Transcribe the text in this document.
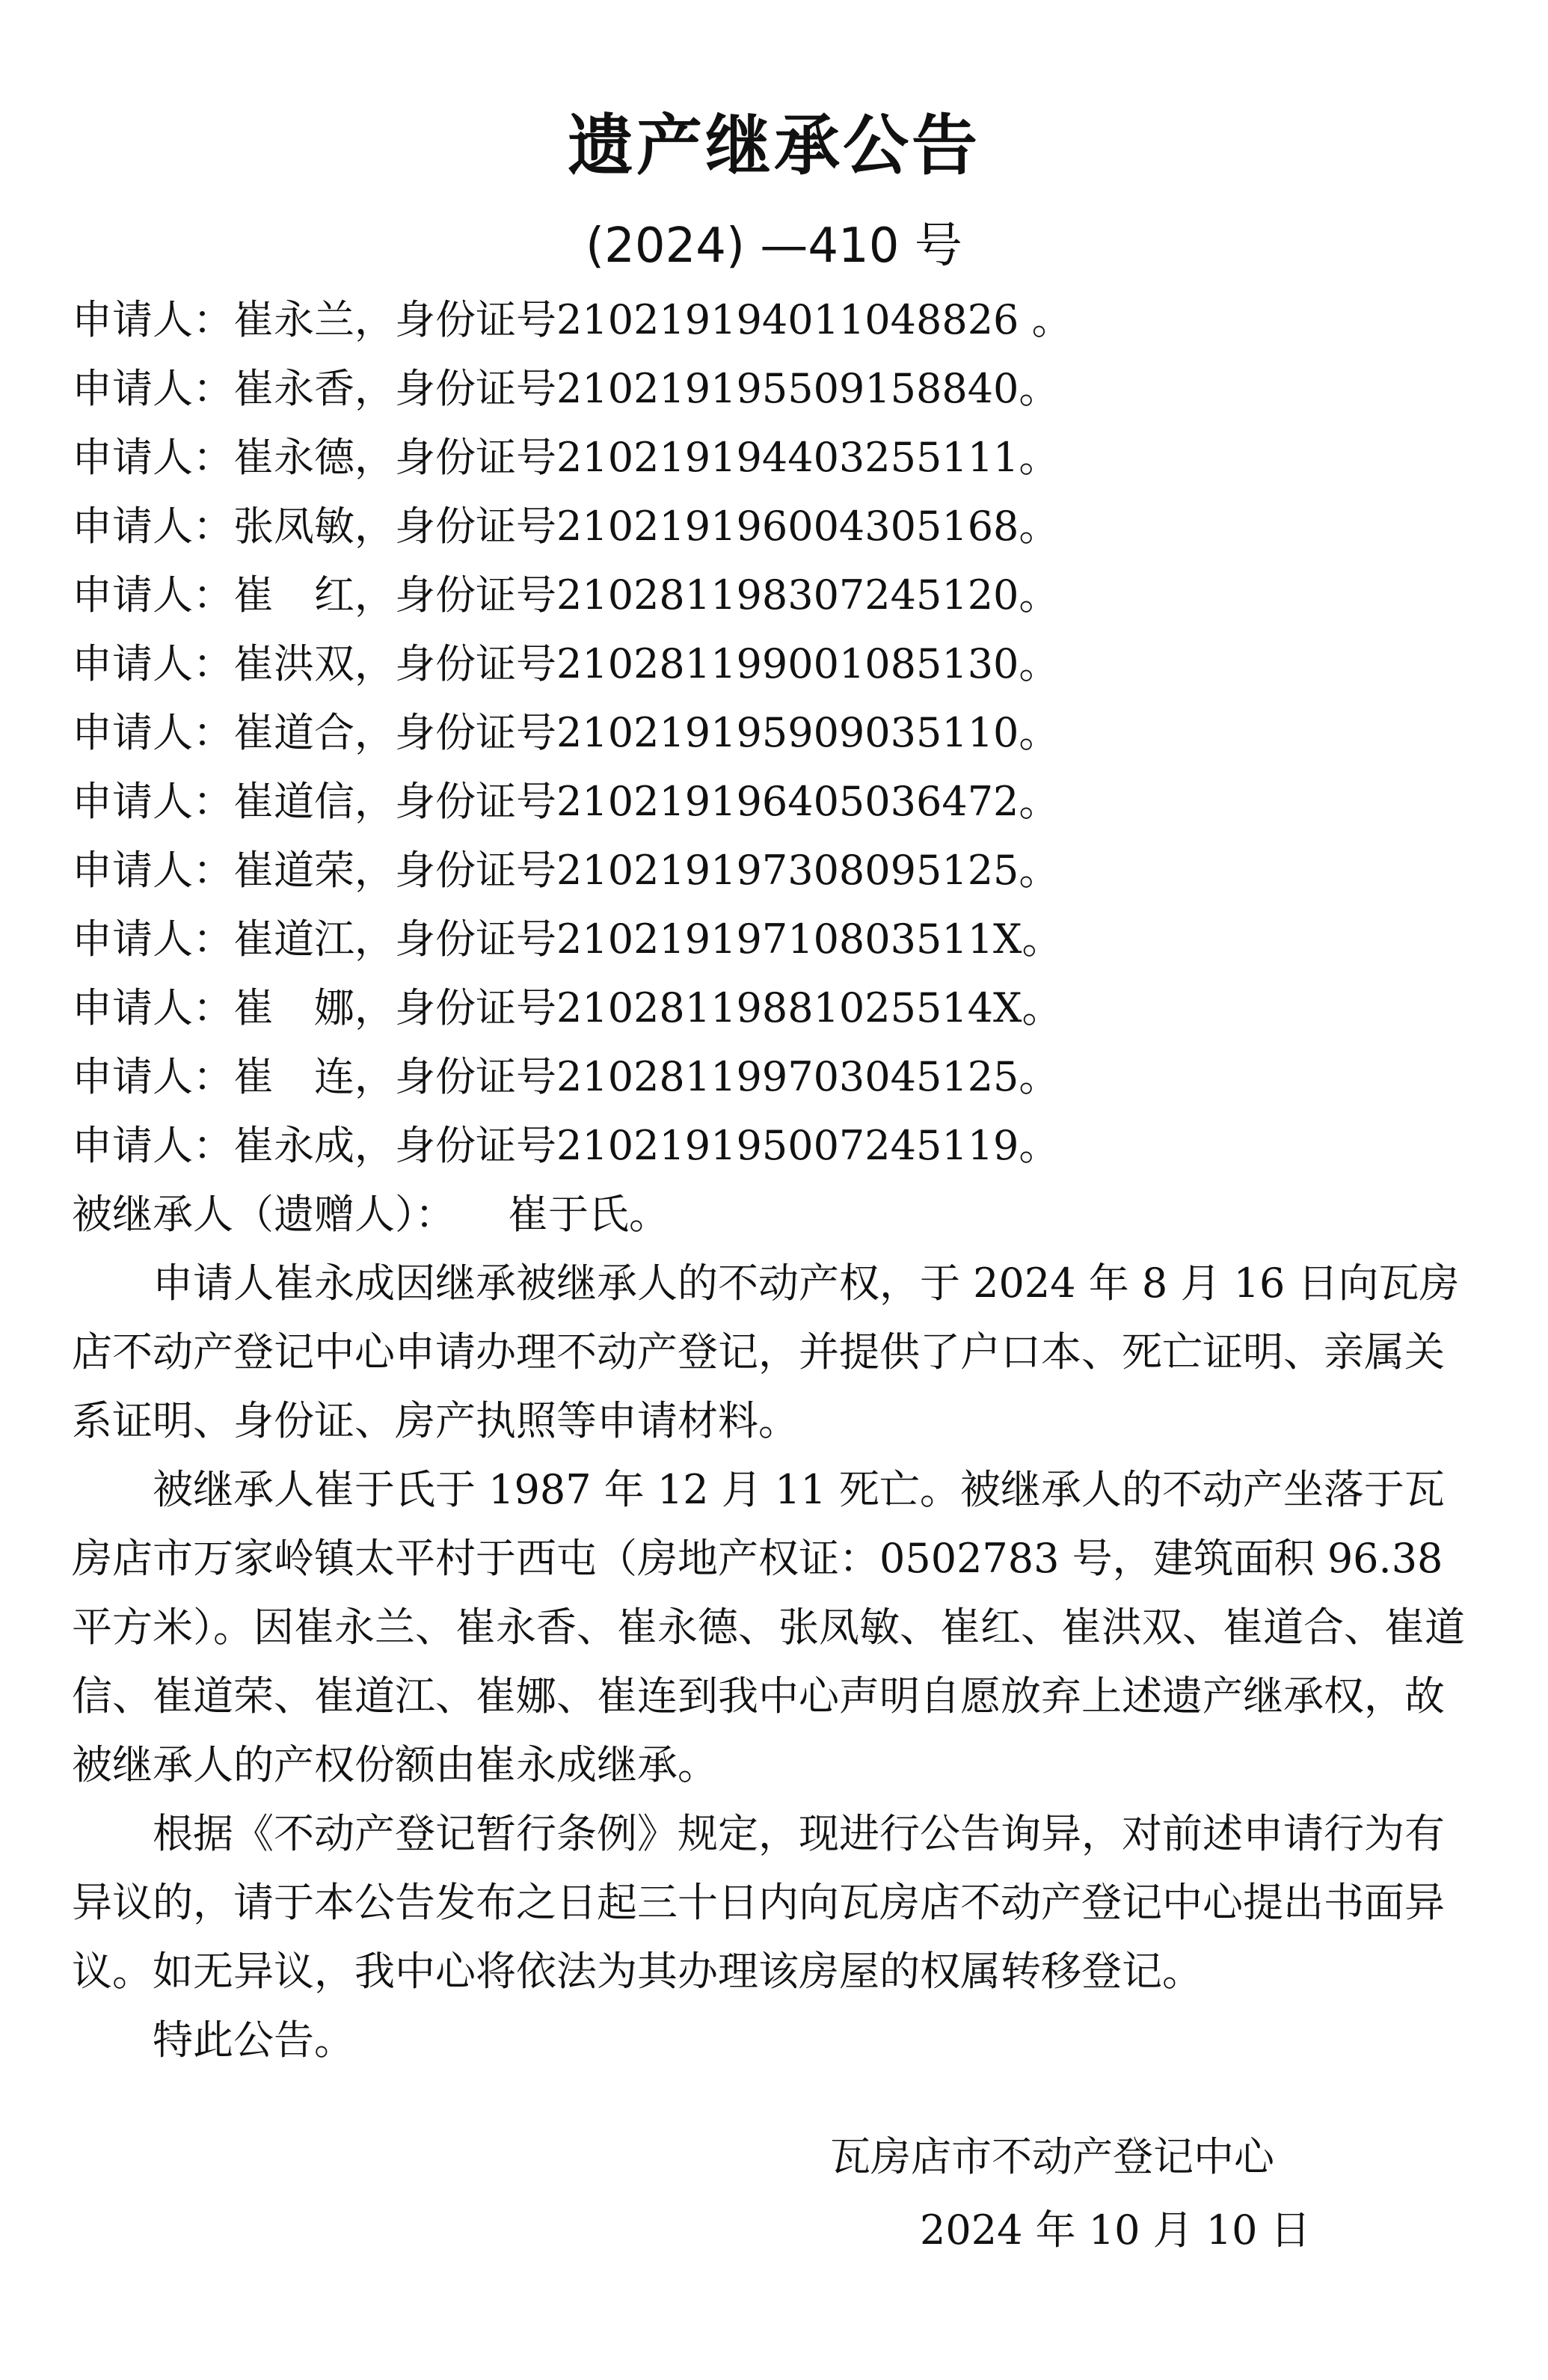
遗产继承公告
(2024) —410 号
申请人：崔永兰，身份证号210219194011048826 。
申请人：崔永香，身份证号210219195509158840。
申请人：崔永德，身份证号210219194403255111。
申请人：张凤敏，身份证号210219196004305168。
申请人：崔　红，身份证号210281198307245120。
申请人：崔洪双，身份证号210281199001085130。
申请人：崔道合，身份证号210219195909035110。
申请人：崔道信，身份证号210219196405036472。
申请人：崔道荣，身份证号210219197308095125。
申请人：崔道江，身份证号21021919710803511X。
申请人：崔　娜，身份证号21028119881025514X。
申请人：崔　连，身份证号210281199703045125。
申请人：崔永成，身份证号210219195007245119。
被继承人（遗赠人）： 崔于氏。

申请人崔永成因继承被继承人的不动产权，于 2024 年 8 月 16 日向瓦房店不动产登记中心申请办理不动产登记，并提供了户口本、死亡证明、亲属关系证明、身份证、房产执照等申请材料。

被继承人崔于氏于 1987 年 12 月 11 死亡。被继承人的不动产坐落于瓦房店市万家岭镇太平村于西屯（房地产权证：0502783 号，建筑面积 96.38 平方米）。因崔永兰、崔永香、崔永德、张凤敏、崔红、崔洪双、崔道合、崔道信、崔道荣、崔道江、崔娜、崔连到我中心声明自愿放弃上述遗产继承权，故被继承人的产权份额由崔永成继承。

根据《不动产登记暂行条例》规定，现进行公告询异，对前述申请行为有异议的，请于本公告发布之日起三十日内向瓦房店不动产登记中心提出书面异议。如无异议，我中心将依法为其办理该房屋的权属转移登记。

特此公告。

瓦房店市不动产登记中心
2024 年 10 月 10 日
